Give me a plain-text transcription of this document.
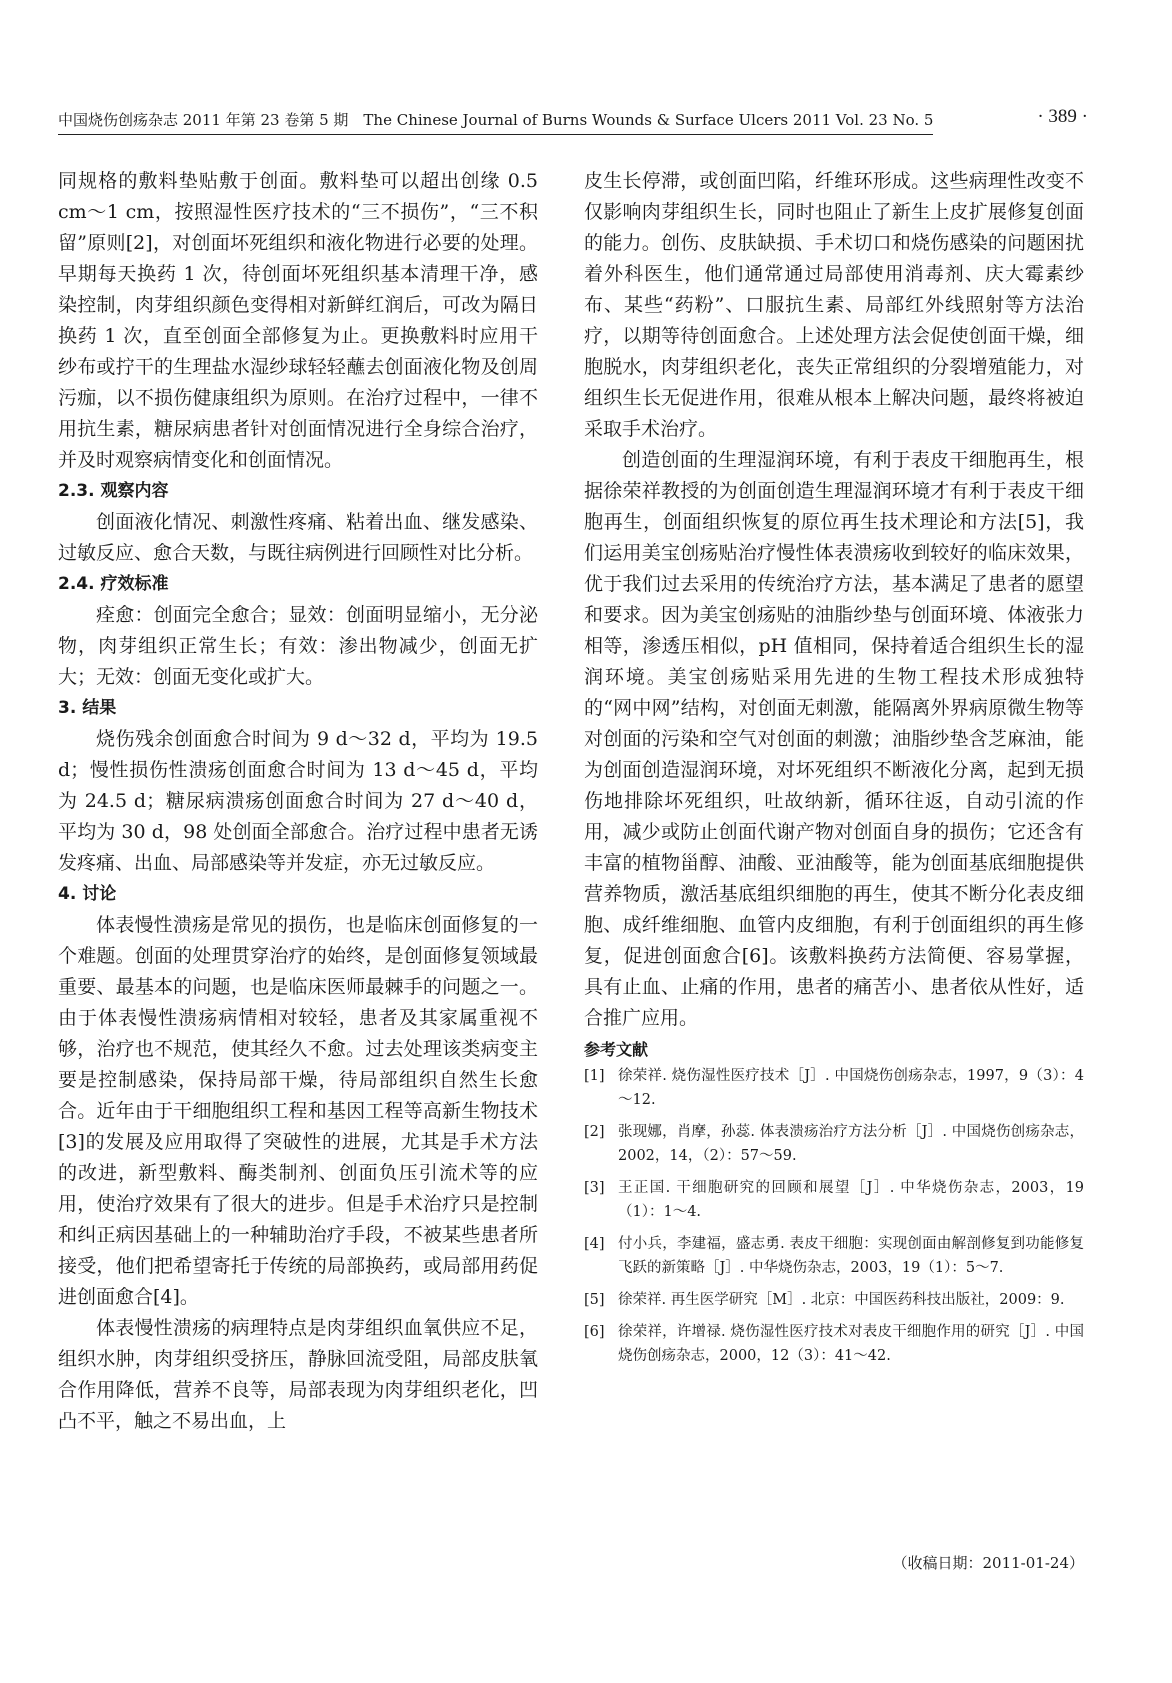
中国烧伤创疡杂志 2011 年第 23 卷第 5 期　The Chinese Journal of Burns Wounds & Surface Ulcers 2011 Vol. 23 No. 5	· 389 ·

同规格的敷料垫贴敷于创面。敷料垫可以超出创缘 0.5 cm～1 cm，按照湿性医疗技术的“三不损伤”，“三不积留”原则[2]，对创面坏死组织和液化物进行必要的处理。早期每天换药 1 次，待创面坏死组织基本清理干净，感染控制，肉芽组织颜色变得相对新鲜红润后，可改为隔日换药 1 次，直至创面全部修复为止。更换敷料时应用干纱布或拧干的生理盐水湿纱球轻轻蘸去创面液化物及创周污痂，以不损伤健康组织为原则。在治疗过程中，一律不用抗生素，糖尿病患者针对创面情况进行全身综合治疗，并及时观察病情变化和创面情况。

2.3. 观察内容

创面液化情况、刺激性疼痛、粘着出血、继发感染、过敏反应、愈合天数，与既往病例进行回顾性对比分析。

2.4. 疗效标准

痊愈：创面完全愈合；显效：创面明显缩小，无分泌物，肉芽组织正常生长；有效：渗出物减少，创面无扩大；无效：创面无变化或扩大。

3. 结果

烧伤残余创面愈合时间为 9 d～32 d，平均为 19.5 d；慢性损伤性溃疡创面愈合时间为 13 d～45 d，平均为 24.5 d；糖尿病溃疡创面愈合时间为 27 d～40 d，平均为 30 d，98 处创面全部愈合。治疗过程中患者无诱发疼痛、出血、局部感染等并发症，亦无过敏反应。

4. 讨论

体表慢性溃疡是常见的损伤，也是临床创面修复的一个难题。创面的处理贯穿治疗的始终，是创面修复领域最重要、最基本的问题，也是临床医师最棘手的问题之一。由于体表慢性溃疡病情相对较轻，患者及其家属重视不够，治疗也不规范，使其经久不愈。过去处理该类病变主要是控制感染，保持局部干燥，待局部组织自然生长愈合。近年由于干细胞组织工程和基因工程等高新生物技术[3]的发展及应用取得了突破性的进展，尤其是手术方法的改进，新型敷料、酶类制剂、创面负压引流术等的应用，使治疗效果有了很大的进步。但是手术治疗只是控制和纠正病因基础上的一种辅助治疗手段，不被某些患者所接受，他们把希望寄托于传统的局部换药，或局部用药促进创面愈合[4]。

体表慢性溃疡的病理特点是肉芽组织血氧供应不足，组织水肿，肉芽组织受挤压，静脉回流受阻，局部皮肤氧合作用降低，营养不良等，局部表现为肉芽组织老化，凹凸不平，触之不易出血，上

皮生长停滞，或创面凹陷，纤维环形成。这些病理性改变不仅影响肉芽组织生长，同时也阻止了新生上皮扩展修复创面的能力。创伤、皮肤缺损、手术切口和烧伤感染的问题困扰着外科医生，他们通常通过局部使用消毒剂、庆大霉素纱布、某些“药粉”、口服抗生素、局部红外线照射等方法治疗，以期等待创面愈合。上述处理方法会促使创面干燥，细胞脱水，肉芽组织老化，丧失正常组织的分裂增殖能力，对组织生长无促进作用，很难从根本上解决问题，最终将被迫采取手术治疗。

创造创面的生理湿润环境，有利于表皮干细胞再生，根据徐荣祥教授的为创面创造生理湿润环境才有利于表皮干细胞再生，创面组织恢复的原位再生技术理论和方法[5]，我们运用美宝创疡贴治疗慢性体表溃疡收到较好的临床效果，优于我们过去采用的传统治疗方法，基本满足了患者的愿望和要求。因为美宝创疡贴的油脂纱垫与创面环境、体液张力相等，渗透压相似，pH 值相同，保持着适合组织生长的湿润环境。美宝创疡贴采用先进的生物工程技术形成独特的“网中网”结构，对创面无刺激，能隔离外界病原微生物等对创面的污染和空气对创面的刺激；油脂纱垫含芝麻油，能为创面创造湿润环境，对坏死组织不断液化分离，起到无损伤地排除坏死组织，吐故纳新，循环往返，自动引流的作用，减少或防止创面代谢产物对创面自身的损伤；它还含有丰富的植物甾醇、油酸、亚油酸等，能为创面基底细胞提供营养物质，激活基底组织细胞的再生，使其不断分化表皮细胞、成纤维细胞、血管内皮细胞，有利于创面组织的再生修复，促进创面愈合[6]。该敷料换药方法简便、容易掌握，具有止血、止痛的作用，患者的痛苦小、患者依从性好，适合推广应用。

参考文献

[1] 徐荣祥. 烧伤湿性医疗技术［J］. 中国烧伤创疡杂志，1997，9（3）：4～12.
[2] 张现娜，肖摩，孙蕊. 体表溃疡治疗方法分析［J］. 中国烧伤创疡杂志，2002，14，（2）：57～59.
[3] 王正国. 干细胞研究的回顾和展望［J］. 中华烧伤杂志，2003，19（1）：1～4.
[4] 付小兵，李建福，盛志勇. 表皮干细胞：实现创面由解剖修复到功能修复飞跃的新策略［J］. 中华烧伤杂志，2003，19（1）：5～7.
[5] 徐荣祥. 再生医学研究［M］. 北京：中国医药科技出版社，2009：9.
[6] 徐荣祥，许增禄. 烧伤湿性医疗技术对表皮干细胞作用的研究［J］. 中国烧伤创疡杂志，2000，12（3）：41～42.
（收稿日期：2011-01-24）
